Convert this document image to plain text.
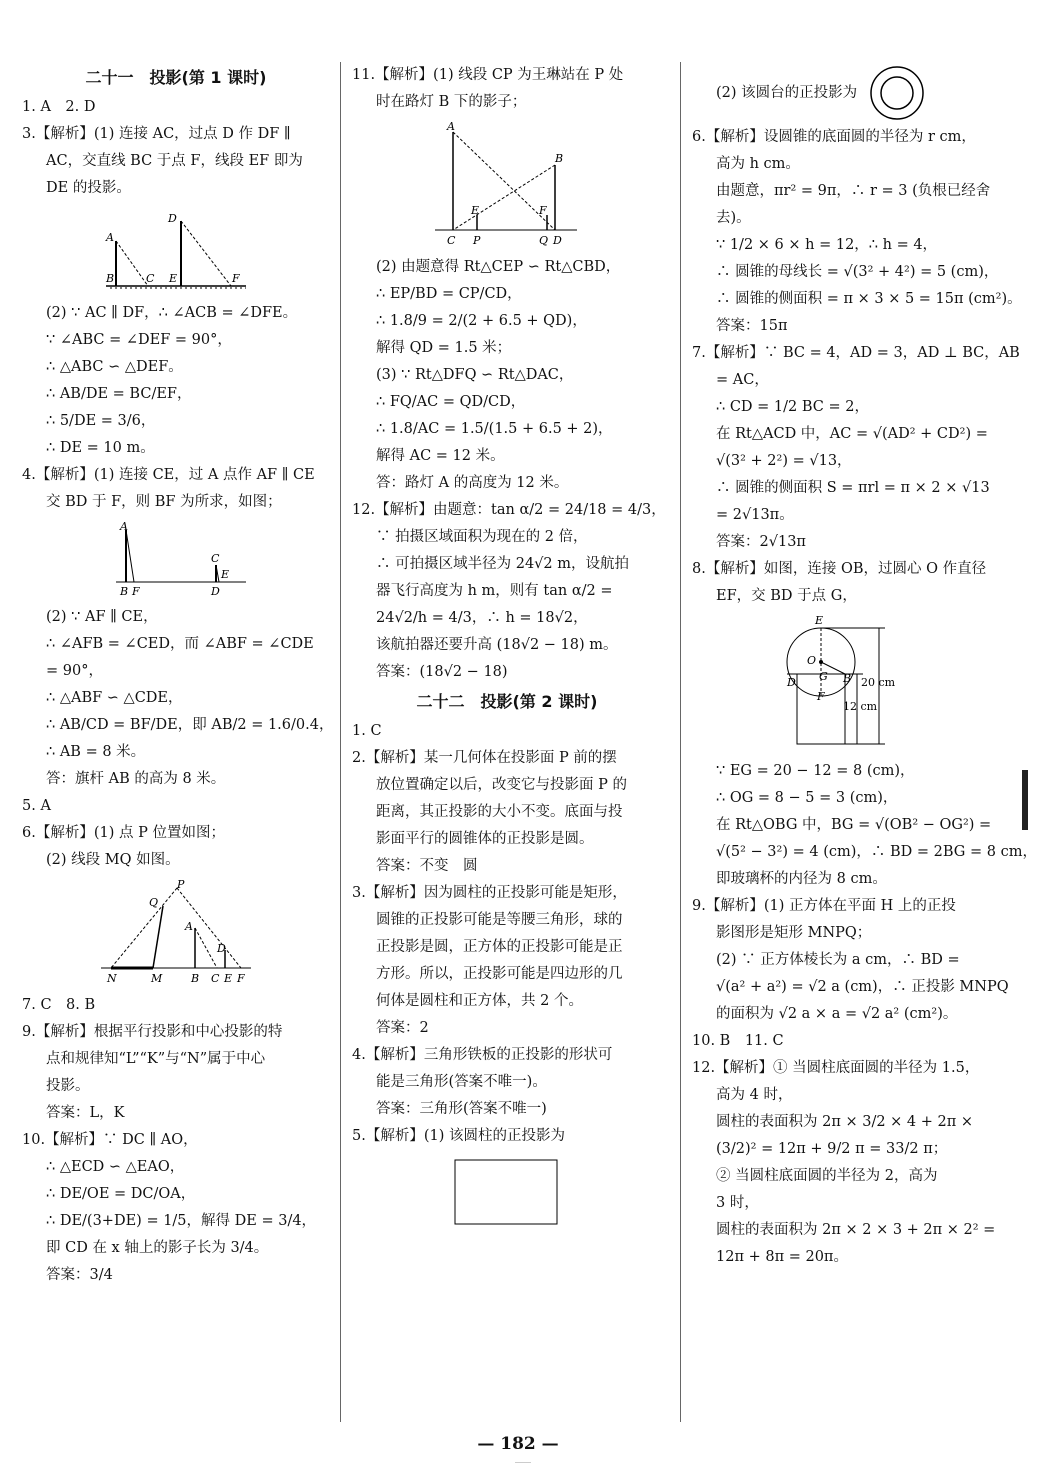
二十一　投影(第 1 课时)
1. A　2. D
3.【解析】(1) 连接 AC，过点 D 作 DF ∥
AC，交直线 BC 于点 F，线段 EF 即为
DE 的投影。
A
B	C
D
E	F
(2) ∵ AC ∥ DF，∴ ∠ACB = ∠DFE。
∵ ∠ABC = ∠DEF = 90°，
∴ △ABC ∽ △DEF。
∴ AB/DE = BC/EF，
∴ 5/DE = 3/6，
∴ DE = 10 m。
4.【解析】(1) 连接 CE，过 A 点作 AF ∥ CE
交 BD 于 F，则 BF 为所求，如图；
A
B F
C
E
D
(2) ∵ AF ∥ CE，
∴ ∠AFB = ∠CED，而 ∠ABF = ∠CDE
= 90°，
∴ △ABF ∽ △CDE，
∴ AB/CD = BF/DE，即 AB/2 = 1.6/0.4，
∴ AB = 8 米。
答：旗杆 AB 的高为 8 米。
5. A
6.【解析】(1) 点 P 位置如图；
(2) 线段 MQ 如图。
P
Q
A
D
N	M	B C E F
7. C　8. B
9.【解析】根据平行投影和中心投影的特
点和规律知“L”“K”与“N”属于中心
投影。
答案：L，K
10.【解析】∵ DC ∥ AO，
∴ △ECD ∽ △EAO，
∴ DE/OE = DC/OA，
∴ DE/(3+DE) = 1/5，解得 DE = 3/4，
即 CD 在 x 轴上的影子长为 3/4。
答案：3/4
11.【解析】(1) 线段 CP 为王琳站在 P 处
时在路灯 B 下的影子；
A
B
E	F
C P	Q D
(2) 由题意得 Rt△CEP ∽ Rt△CBD，
∴ EP/BD = CP/CD，
∴ 1.8/9 = 2/(2 + 6.5 + QD)，
解得 QD = 1.5 米；
(3) ∵ Rt△DFQ ∽ Rt△DAC，
∴ FQ/AC = QD/CD，
∴ 1.8/AC = 1.5/(1.5 + 6.5 + 2)，
解得 AC = 12 米。
答：路灯 A 的高度为 12 米。
12.【解析】由题意：tan α/2 = 24/18 = 4/3，
∵ 拍摄区域面积为现在的 2 倍，
∴ 可拍摄区域半径为 24√2 m，设航拍
器飞行高度为 h m，则有 tan α/2 =
24√2/h = 4/3，∴ h = 18√2，
该航拍器还要升高 (18√2 − 18) m。
答案：(18√2 − 18)
二十二　投影(第 2 课时)
1. C
2.【解析】某一几何体在投影面 P 前的摆
放位置确定以后，改变它与投影面 P 的
距离，其正投影的大小不变。底面与投
影面平行的圆锥体的正投影是圆。
答案：不变　圆
3.【解析】因为圆柱的正投影可能是矩形，
圆锥的正投影可能是等腰三角形，球的
正投影是圆，正方体的正投影可能是正
方形。所以，正投影可能是四边形的几
何体是圆柱和正方体，共 2 个。
答案：2
4.【解析】三角形铁板的正投影的形状可
能是三角形(答案不唯一)。
答案：三角形(答案不唯一)
5.【解析】(1) 该圆柱的正投影为
(2) 该圆台的正投影为
6.【解析】设圆锥的底面圆的半径为 r cm，
高为 h cm。
由题意，πr² = 9π，∴ r = 3 (负根已经舍
去)。
∵ 1/2 × 6 × h = 12，∴ h = 4，
∴ 圆锥的母线长 = √(3² + 4²) = 5 (cm)，
∴ 圆锥的侧面积 = π × 3 × 5 = 15π (cm²)。
答案：15π
7.【解析】∵ BC = 4，AD = 3，AD ⊥ BC，AB
= AC，
∴ CD = 1/2 BC = 2，
在 Rt△ACD 中，AC = √(AD² + CD²) =
√(3² + 2²) = √13，
∴ 圆锥的侧面积 S = πrl = π × 2 × √13
= 2√13π。
答案：2√13π
8.【解析】如图，连接 OB，过圆心 O 作直径
EF，交 BD 于点 G，
E
O
D G B
F
20 cm
12 cm
∵ EG = 20 − 12 = 8 (cm)，
∴ OG = 8 − 5 = 3 (cm)，
在 Rt△OBG 中，BG = √(OB² − OG²) =
√(5² − 3²) = 4 (cm)，∴ BD = 2BG = 8 cm，
即玻璃杯的内径为 8 cm。
9.【解析】(1) 正方体在平面 H 上的正投
影图形是矩形 MNPQ；
(2) ∵ 正方体棱长为 a cm，∴ BD =
√(a² + a²) = √2 a (cm)，∴ 正投影 MNPQ
的面积为 √2 a × a = √2 a² (cm²)。
10. B　11. C
12.【解析】① 当圆柱底面圆的半径为 1.5，
高为 4 时，
圆柱的表面积为 2π × 3/2 × 4 + 2π ×
(3/2)² = 12π + 9/2 π = 33/2 π；
② 当圆柱底面圆的半径为 2，高为
3 时，
圆柱的表面积为 2π × 2 × 3 + 2π × 2² =
12π + 8π = 20π。
— 182 —
